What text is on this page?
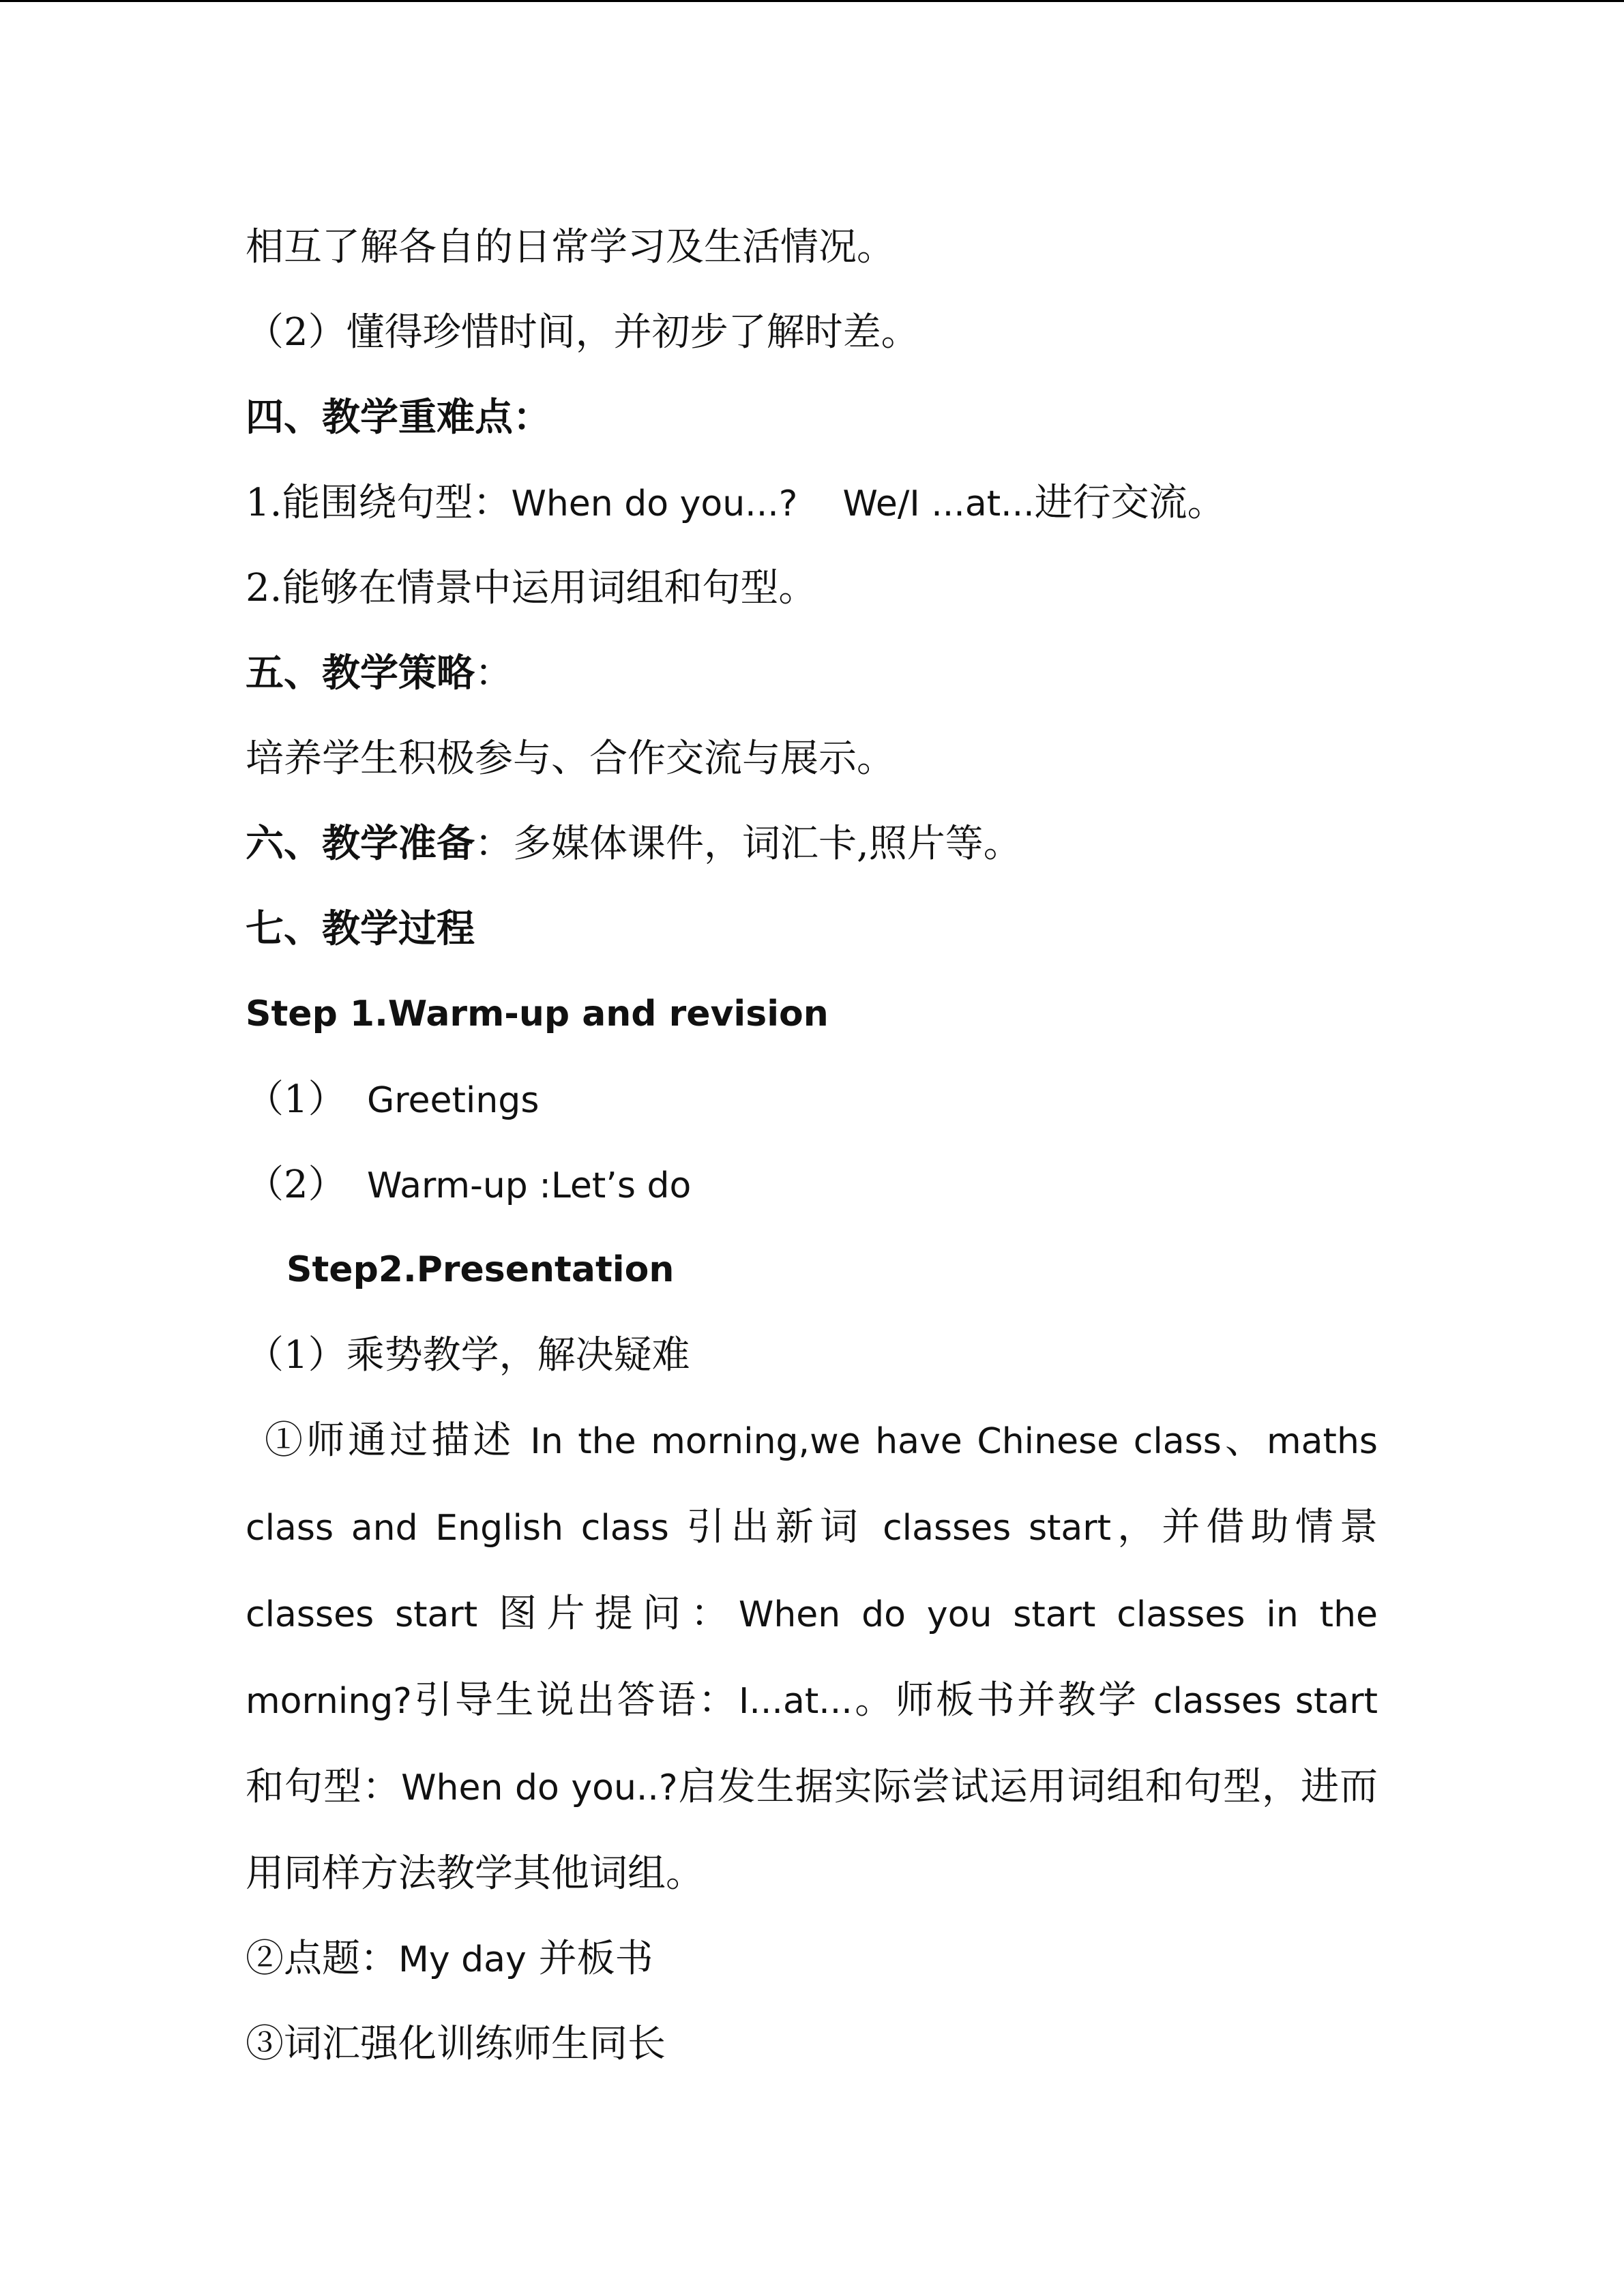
相互了解各自的日常学习及生活情况。
（2）懂得珍惜时间，并初步了解时差。
四、教学重难点：
1.能围绕句型：When do you...?    We/I ...at...进行交流。
2.能够在情景中运用词组和句型。
五、教学策略：
培养学生积极参与、合作交流与展示。
六、教学准备：多媒体课件，词汇卡,照片等。
七、教学过程
Step 1.Warm-up and revision
（1） Greetings
（2） Warm-up :Let’s do
Step2.Presentation
（1）乘势教学，解决疑难
①师通过描述 In the morning,we have Chinese class、maths class and English class 引出新词 classes start，并借助情景 classes start 图片提问：When do you start classes in the morning?引导生说出答语：I...at...。师板书并教学 classes start 和句型：When do you..?启发生据实际尝试运用词组和句型，进而用同样方法教学其他词组。
②点题：My day 并板书
③词汇强化训练师生同长
